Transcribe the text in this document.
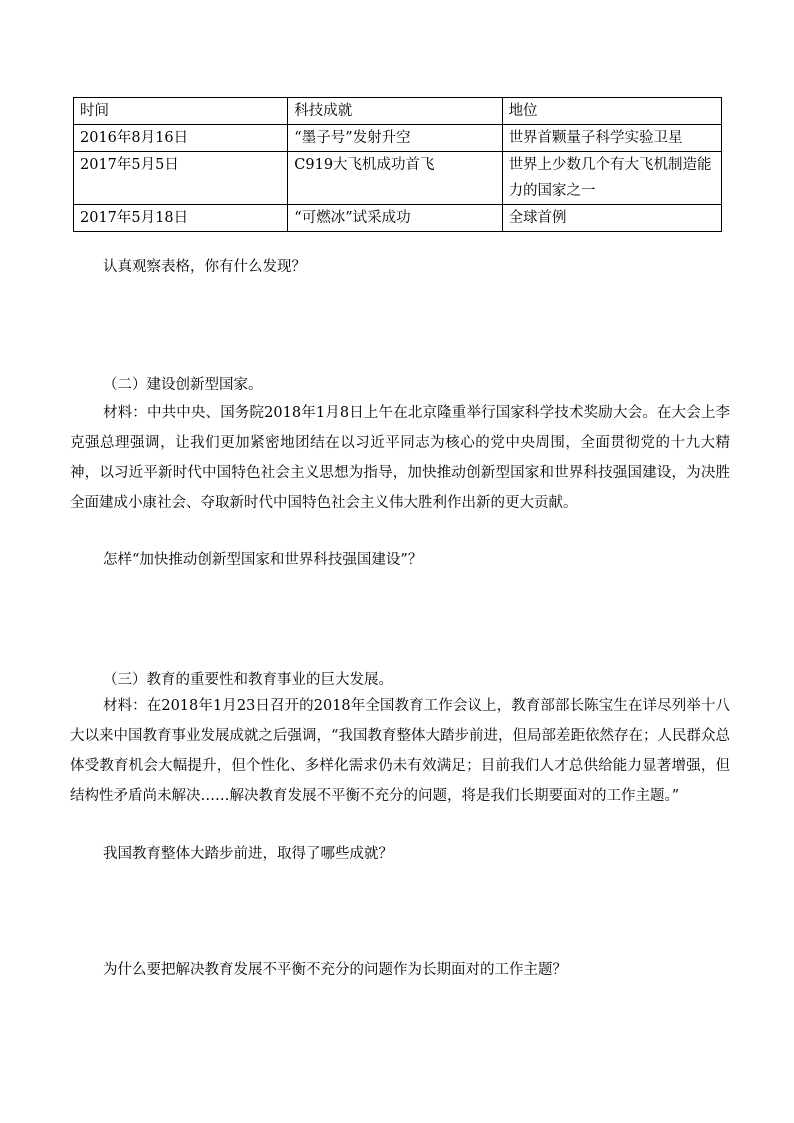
时间	科技成就	地位
2016年8月16日	“墨子号”发射升空	世界首颗量子科学实验卫星
2017年5月5日	C919大飞机成功首飞	世界上少数几个有大飞机制造能力的国家之一
2017年5月18日	“可燃冰”试采成功	全球首例

认真观察表格，你有什么发现？

（二）建设创新型国家。

材料：中共中央、国务院2018年1月8日上午在北京隆重举行国家科学技术奖励大会。在大会上李克强总理强调，让我们更加紧密地团结在以习近平同志为核心的党中央周围，全面贯彻党的十九大精神，以习近平新时代中国特色社会主义思想为指导，加快推动创新型国家和世界科技强国建设，为决胜全面建成小康社会、夺取新时代中国特色社会主义伟大胜利作出新的更大贡献。

怎样“加快推动创新型国家和世界科技强国建设”？

（三）教育的重要性和教育事业的巨大发展。

材料：在2018年1月23日召开的2018年全国教育工作会议上，教育部部长陈宝生在详尽列举十八大以来中国教育事业发展成就之后强调，“我国教育整体大踏步前进，但局部差距依然存在；人民群众总体受教育机会大幅提升，但个性化、多样化需求仍未有效满足；目前我们人才总供给能力显著增强，但结构性矛盾尚未解决……解决教育发展不平衡不充分的问题，将是我们长期要面对的工作主题。”

我国教育整体大踏步前进，取得了哪些成就？

为什么要把解决教育发展不平衡不充分的问题作为长期面对的工作主题？
